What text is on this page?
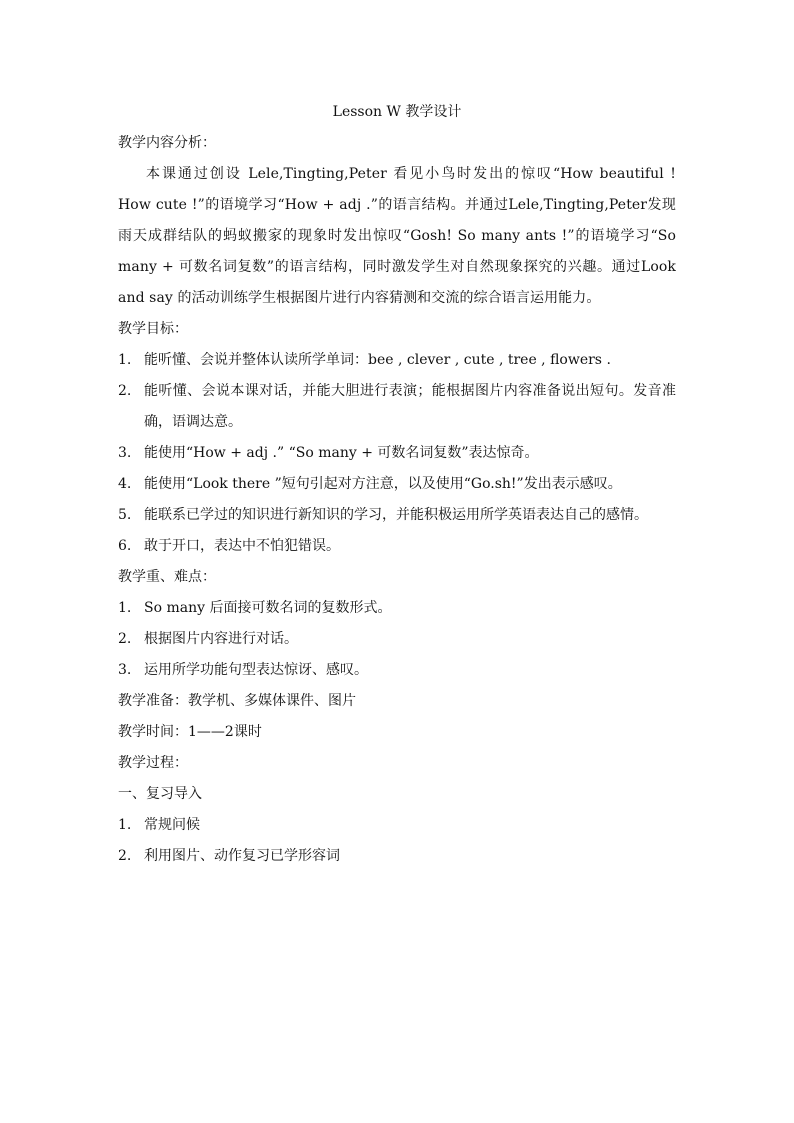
Lesson W 教学设计

教学内容分析：

本课通过创设 Lele,Tingting,Peter 看见小鸟时发出的惊叹“How beautiful ! How cute !”的语境学习“How + adj .”的语言结构。并通过Lele,Tingting,Peter发现雨天成群结队的蚂蚁搬家的现象时发出惊叹“Gosh! So many ants !”的语境学习“So many + 可数名词复数”的语言结构，同时激发学生对自然现象探究的兴趣。通过Look and say 的活动训练学生根据图片进行内容猜测和交流的综合语言运用能力。

教学目标：

1. 能听懂、会说并整体认读所学单词：bee , clever , cute , tree , flowers .
2. 能听懂、会说本课对话，并能大胆进行表演；能根据图片内容准备说出短句。发音准确，语调达意。
3. 能使用“How + adj .” “So many + 可数名词复数”表达惊奇。
4. 能使用“Look there ”短句引起对方注意，以及使用“Go.sh!”发出表示感叹。
5. 能联系已学过的知识进行新知识的学习，并能积极运用所学英语表达自己的感情。
6. 敢于开口，表达中不怕犯错误。

教学重、难点：

1. So many 后面接可数名词的复数形式。
2. 根据图片内容进行对话。
3. 运用所学功能句型表达惊讶、感叹。

教学准备：教学机、多媒体课件、图片

教学时间：1——2课时

教学过程：

一、复习导入

1. 常规问候
2. 利用图片、动作复习已学形容词
